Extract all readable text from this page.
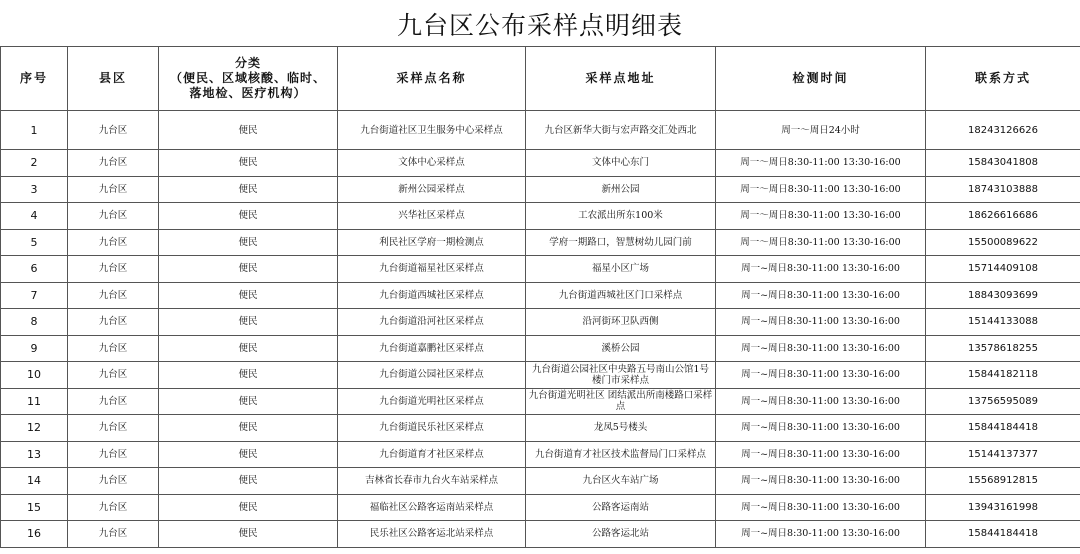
九台区公布采样点明细表
序号	县区	分类
（便民、区域核酸、临时、
落地检、医疗机构）	采样点名称	采样点地址	检测时间	联系方式
1	九台区	便民	九台街道社区卫生服务中心采样点	九台区新华大街与宏声路交汇处西北	周一～周日24小时	18243126626
2	九台区	便民	文体中心采样点	文体中心东门	周一～周日8:30-11:00 13:30-16:00	15843041808
3	九台区	便民	新州公园采样点	新州公园	周一～周日8:30-11:00 13:30-16:00	18743103888
4	九台区	便民	兴华社区采样点	工农派出所东100米	周一～周日8:30-11:00 13:30-16:00	18626616686
5	九台区	便民	利民社区学府一期检测点	学府一期路口，智慧树幼儿园门前	周一～周日8:30-11:00 13:30-16:00	15500089622
6	九台区	便民	九台街道福星社区采样点	福星小区广场	周一~周日8:30-11:00 13:30-16:00	15714409108
7	九台区	便民	九台街道西城社区采样点	九台街道西城社区门口采样点	周一~周日8:30-11:00 13:30-16:00	18843093699
8	九台区	便民	九台街道沿河社区采样点	沿河街环卫队西侧	周一~周日8:30-11:00 13:30-16:00	15144133088
9	九台区	便民	九台街道嘉鹏社区采样点	溪桥公园	周一~周日8:30-11:00 13:30-16:00	13578618255
10	九台区	便民	九台街道公园社区采样点	九台街道公园社区中央路五号南山公馆1号楼门市采样点	周一~周日8:30-11:00 13:30-16:00	15844182118
11	九台区	便民	九台街道光明社区采样点	九台街道光明社区 团结派出所南楼路口采样点	周一~周日8:30-11:00 13:30-16:00	13756595089
12	九台区	便民	九台街道民乐社区采样点	龙凤5号楼头	周一~周日8:30-11:00 13:30-16:00	15844184418
13	九台区	便民	九台街道育才社区采样点	九台街道育才社区技术监督局门口采样点	周一~周日8:30-11:00 13:30-16:00	15144137377
14	九台区	便民	吉林省长春市九台火车站采样点	九台区火车站广场	周一~周日8:30-11:00 13:30-16:00	15568912815
15	九台区	便民	福临社区公路客运南站采样点	公路客运南站	周一~周日8:30-11:00 13:30-16:00	13943161998
16	九台区	便民	民乐社区公路客运北站采样点	公路客运北站	周一~周日8:30-11:00 13:30-16:00	15844184418
